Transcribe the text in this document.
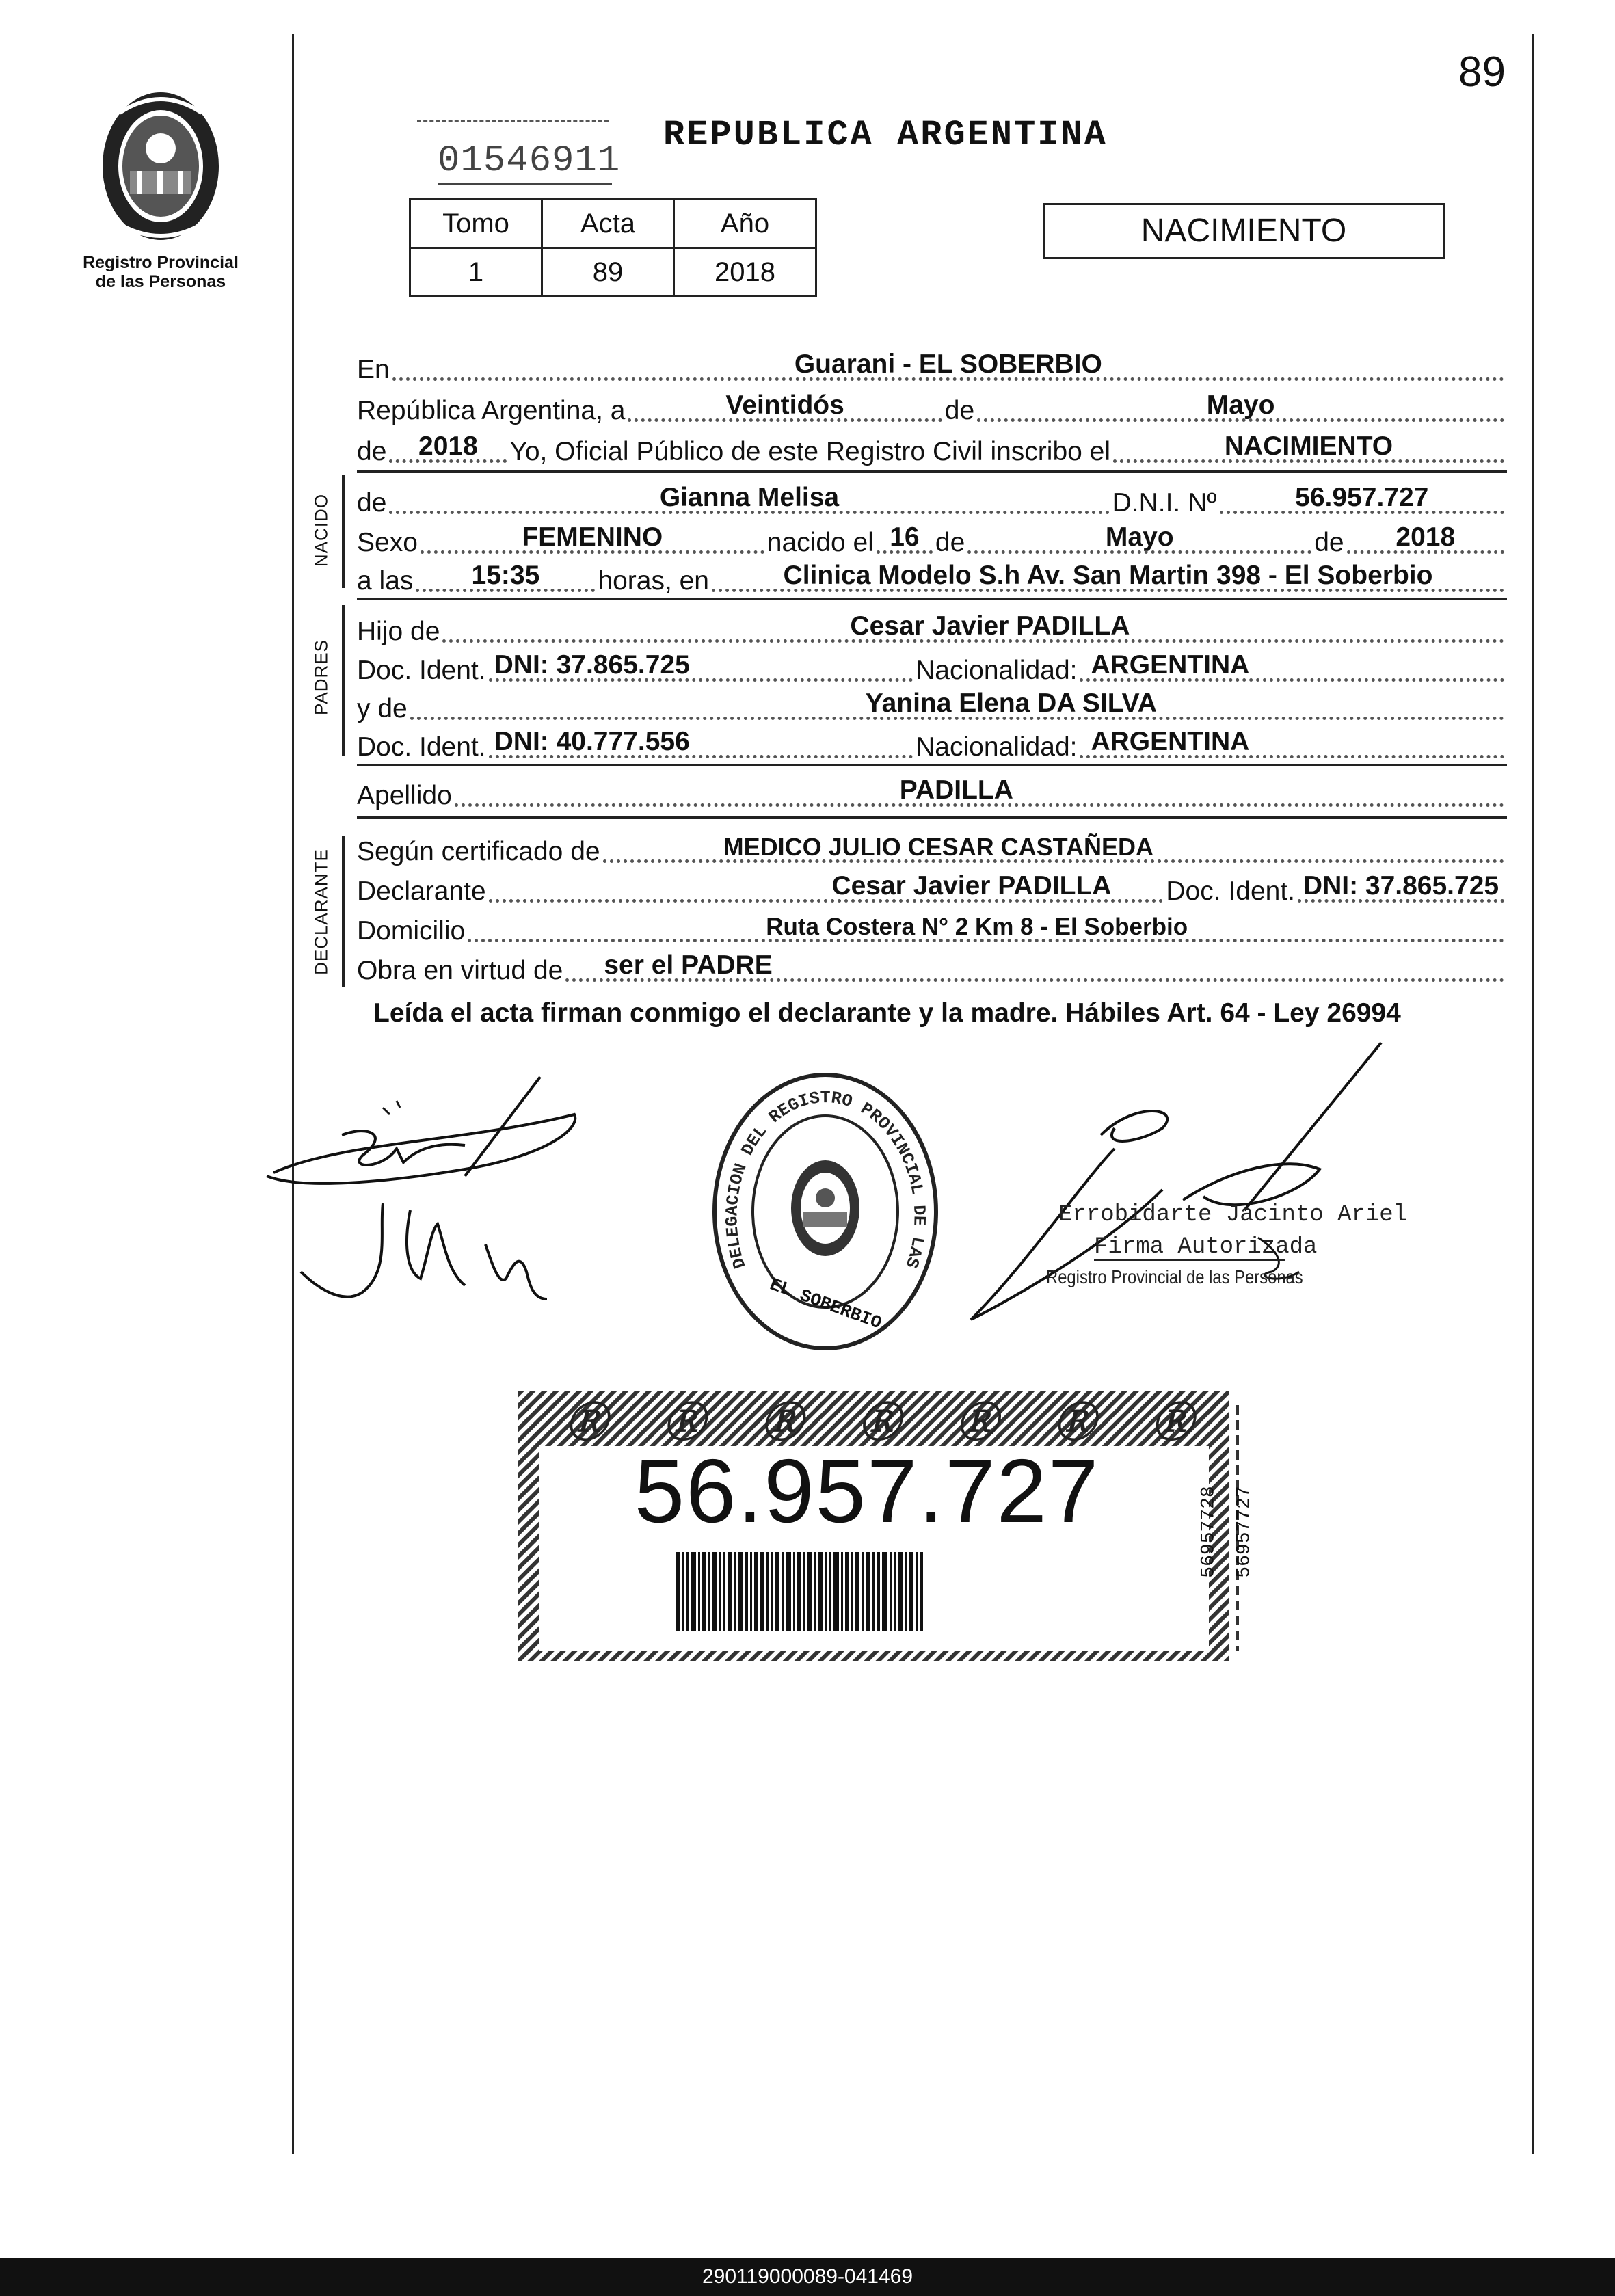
Registro Provincial
de las Personas
89
01546911
REPUBLICA ARGENTINA
Tomo	Acta	Año
1	89	2018
NACIMIENTO
En	Guarani - EL SOBERBIO
República Argentina, a	Veintidós	de	Mayo
de	2018	Yo, Oficial Público de este Registro Civil inscribo el	NACIMIENTO
NACIDO de	Gianna Melisa	D.N.I. Nº	56.957.727
Sexo	FEMENINO	nacido el 16 de	Mayo	de	2018
a las	15:35	horas, en	Clinica Modelo S.h Av. San Martin 398 - El Soberbio
PADRES
Hijo de	Cesar Javier PADILLA
Doc. Ident. DNI: 37.865.725	Nacionalidad: ARGENTINA
y de	Yanina Elena DA SILVA
Doc. Ident. DNI: 40.777.556	Nacionalidad: ARGENTINA
Apellido	PADILLA
DECLARANTE Según certificado de	MEDICO JULIO CESAR CASTAÑEDA
Declarante	Cesar Javier PADILLA	Doc. Ident. DNI: 37.865.725
Domicilio	Ruta Costera N° 2 Km 8 - El Soberbio
Obra en virtud de	ser el PADRE
Leída el acta firman conmigo el declarante y la madre. Hábiles Art. 64 - Ley 26994
DELEGACION DEL REGISTRO PROVINCIAL DE LAS
EL SOBERBIO
Errobidarte Jacinto Ariel
Firma Autorizada
Registro Provincial de las Personas
Ⓡ Ⓡ Ⓡ Ⓡ Ⓡ Ⓡ Ⓡ
56.957.727	56957728 56957727
290119000089-041469
